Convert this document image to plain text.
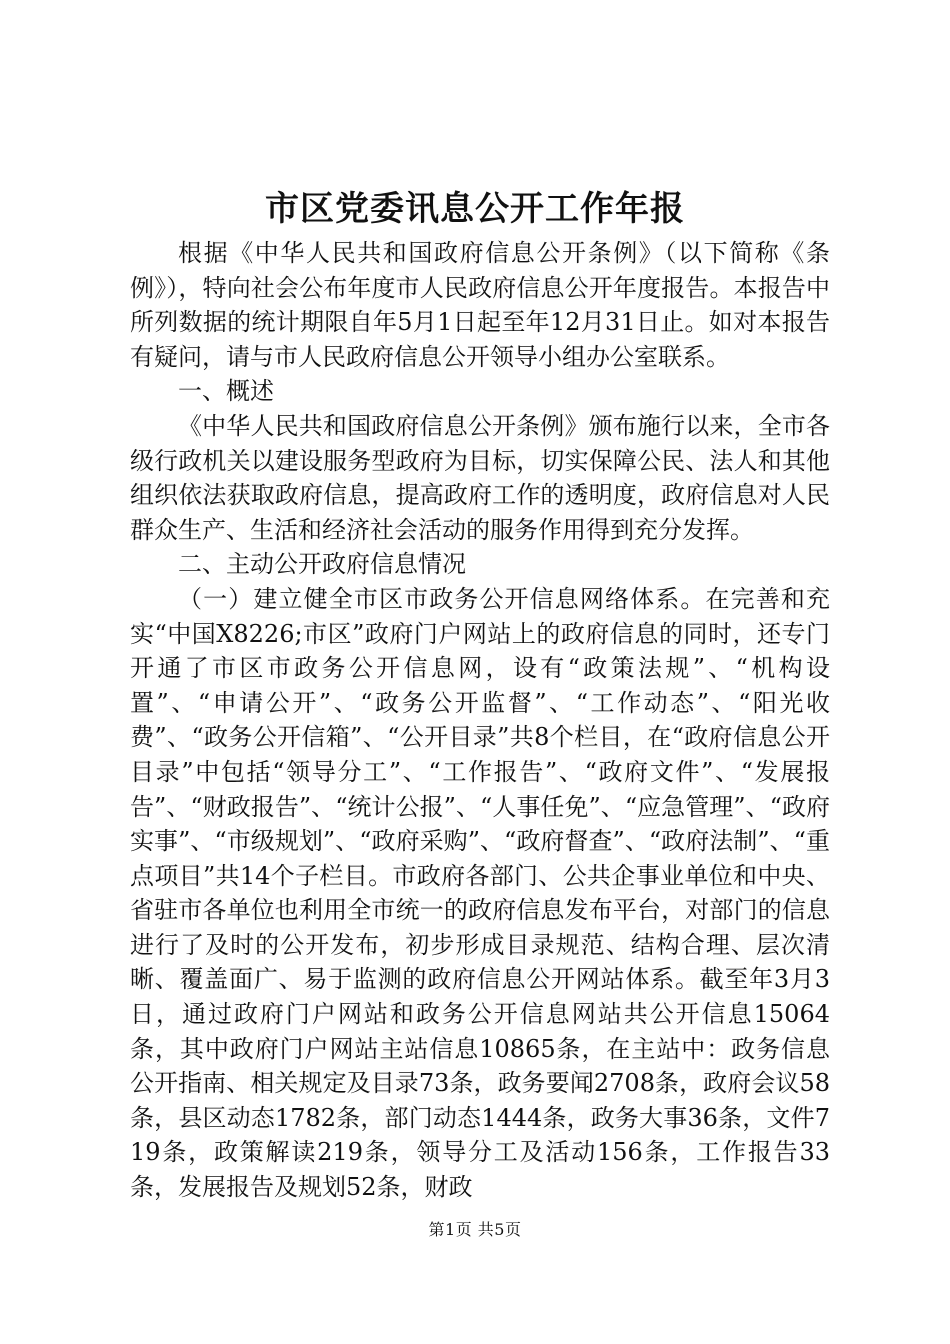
市区党委讯息公开工作年报

根据《中华人民共和国政府信息公开条例》（以下简称《条例》），特向社会公布年度市人民政府信息公开年度报告。本报告中所列数据的统计期限自年5月1日起至年12月31日止。如对本报告有疑问，请与市人民政府信息公开领导小组办公室联系。

一、概述

《中华人民共和国政府信息公开条例》颁布施行以来，全市各级行政机关以建设服务型政府为目标，切实保障公民、法人和其他组织依法获取政府信息，提高政府工作的透明度，政府信息对人民群众生产、生活和经济社会活动的服务作用得到充分发挥。

二、主动公开政府信息情况

（一）建立健全市区市政务公开信息网络体系。在完善和充实“中国X8226;市区”政府门户网站上的政府信息的同时，还专门开通了市区市政务公开信息网，设有“政策法规”、“机构设置”、“申请公开”、“政务公开监督”、“工作动态”、“阳光收费”、“政务公开信箱”、“公开目录”共8个栏目，在“政府信息公开目录”中包括“领导分工”、“工作报告”、“政府文件”、“发展报告”、“财政报告”、“统计公报”、“人事任免”、“应急管理”、“政府实事”、“市级规划”、“政府采购”、“政府督查”、“政府法制”、“重点项目”共14个子栏目。市政府各部门、公共企事业单位和中央、省驻市各单位也利用全市统一的政府信息发布平台，对部门的信息进行了及时的公开发布，初步形成目录规范、结构合理、层次清晰、覆盖面广、易于监测的政府信息公开网站体系。截至年3月3日，通过政府门户网站和政务公开信息网站共公开信息15064条，其中政府门户网站主站信息10865条，在主站中：政务信息公开指南、相关规定及目录73条，政务要闻2708条，政府会议58条，县区动态1782条，部门动态1444条，政务大事36条，文件719条，政策解读219条，领导分工及活动156条，工作报告33条，发展报告及规划52条，财政

第1页 共5页
